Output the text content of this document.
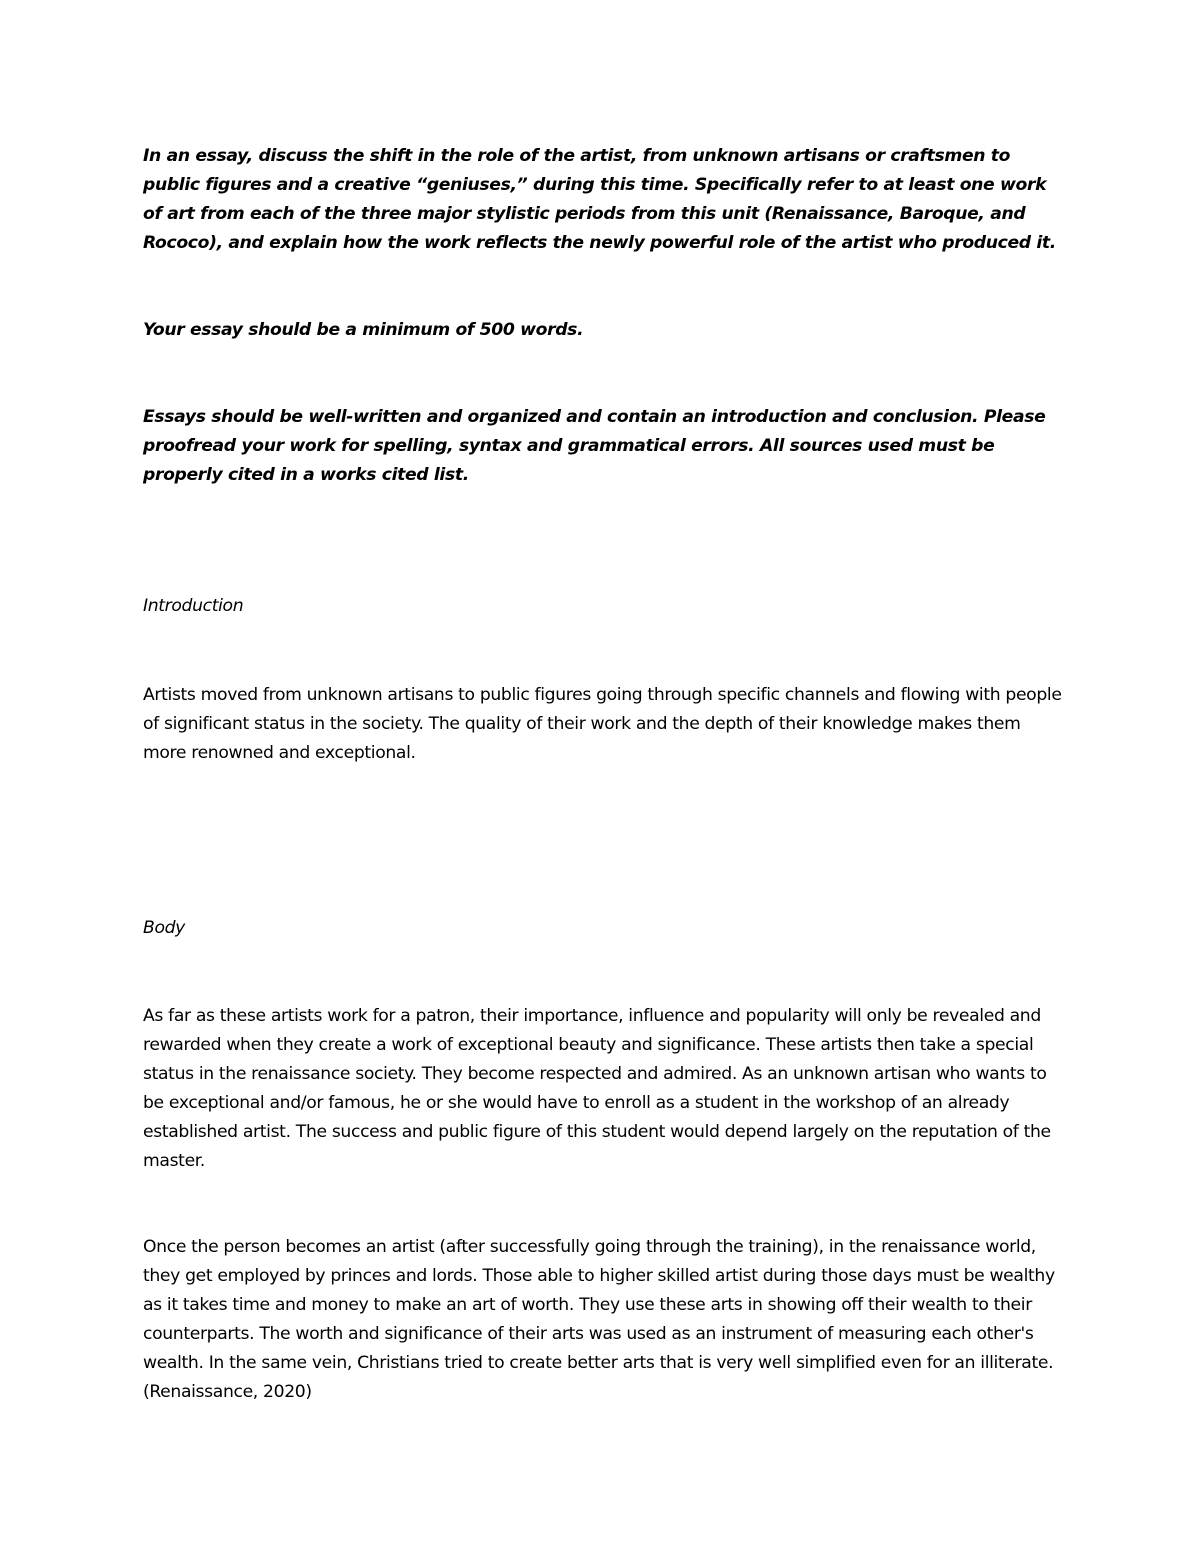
In an essay, discuss the shift in the role of the artist, from unknown artisans or craftsmen to public figures and a creative “geniuses,” during this time. Specifically refer to at least one work of art from each of the three major stylistic periods from this unit (Renaissance, Baroque, and Rococo), and explain how the work reflects the newly powerful role of the artist who produced it.

Your essay should be a minimum of 500 words.

Essays should be well-written and organized and contain an introduction and conclusion. Please proofread your work for spelling, syntax and grammatical errors. All sources used must be properly cited in a works cited list.

Introduction

Artists moved from unknown artisans to public figures going through specific channels and flowing with people of significant status in the society. The quality of their work and the depth of their knowledge makes them more renowned and exceptional.

Body

As far as these artists work for a patron, their importance, influence and popularity will only be revealed and rewarded when they create a work of exceptional beauty and significance. These artists then take a special status in the renaissance society. They become respected and admired. As an unknown artisan who wants to be exceptional and/or famous, he or she would have to enroll as a student in the workshop of an already established artist. The success and public figure of this student would depend largely on the reputation of the master.

Once the person becomes an artist (after successfully going through the training), in the renaissance world, they get employed by princes and lords. Those able to higher skilled artist during those days must be wealthy as it takes time and money to make an art of worth. They use these arts in showing off their wealth to their counterparts. The worth and significance of their arts was used as an instrument of measuring each other's wealth. In the same vein, Christians tried to create better arts that is very well simplified even for an illiterate. (Renaissance, 2020)
